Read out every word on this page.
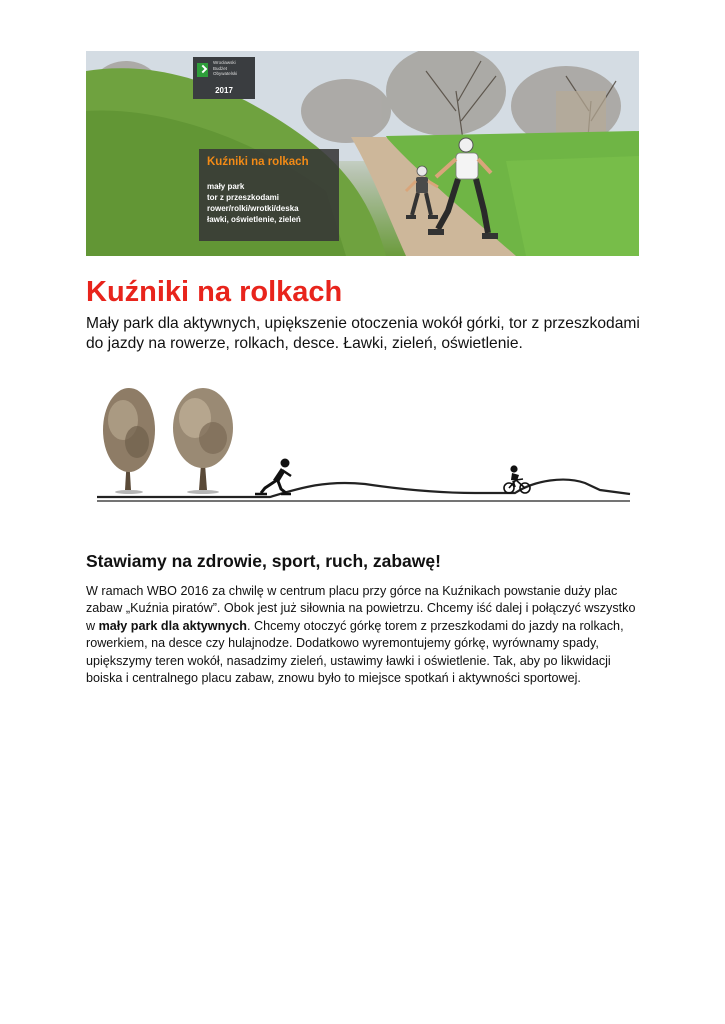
Wrocławski
Budżet
Obywatelski
2017
Kuźniki na rolkach
mały park
tor z przeszkodami
rower/rolki/wrotki/deska
ławki, oświetlenie, zieleń
Kuźniki na rolkach

Mały park dla aktywnych, upiększenie otoczenia wokół górki, tor z przeszkodami do jazdy na rowerze, rolkach, desce. Ławki, zieleń, oświetlenie.

Stawiamy na zdrowie, sport, ruch, zabawę!

W ramach WBO 2016 za chwilę w centrum placu przy górce na Kuźnikach powstanie duży plac zabaw „Kuźnia piratów”. Obok jest już siłownia na powietrzu. Chcemy iść dalej i połączyć wszystko w mały park dla aktywnych. Chcemy otoczyć górkę torem z przeszkodami do jazdy na rolkach, rowerkiem, na desce czy hulajnodze. Dodatkowo wyremontujemy górkę, wyrównamy spady, upiększymy teren wokół, nasadzimy zieleń, ustawimy ławki i oświetlenie. Tak, aby po likwidacji boiska i centralnego placu zabaw, znowu było to miejsce spotkań i aktywności sportowej.
